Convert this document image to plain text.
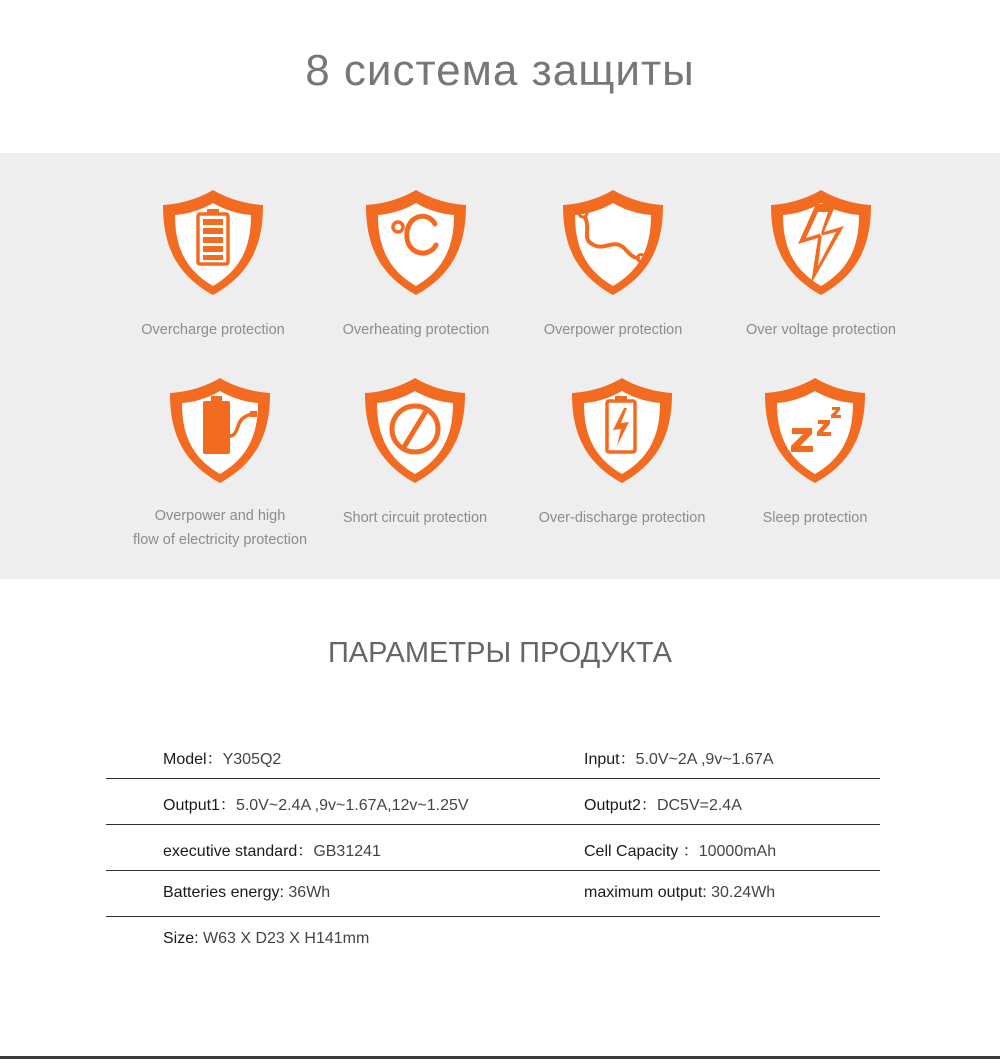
8 система защиты
Overcharge protection	Overheating protection	Overpower protection	Over voltage protection
Overpower and high
flow of electricity protection
Short circuit protection	Over-discharge protection	Sleep protection
ПАРАМЕТРЫ ПРОДУКТА
Model：Y305Q2	Input：5.0V~2A ,9v~1.67A
Output1：5.0V~2.4A ,9v~1.67A,12v~1.25V	Output2：DC5V=2.4A
executive standard：GB31241	Cell Capacity ：10000mAh
Batteries energy: 36Wh	maximum output: 30.24Wh
Size: W63 X D23 X H141mm
